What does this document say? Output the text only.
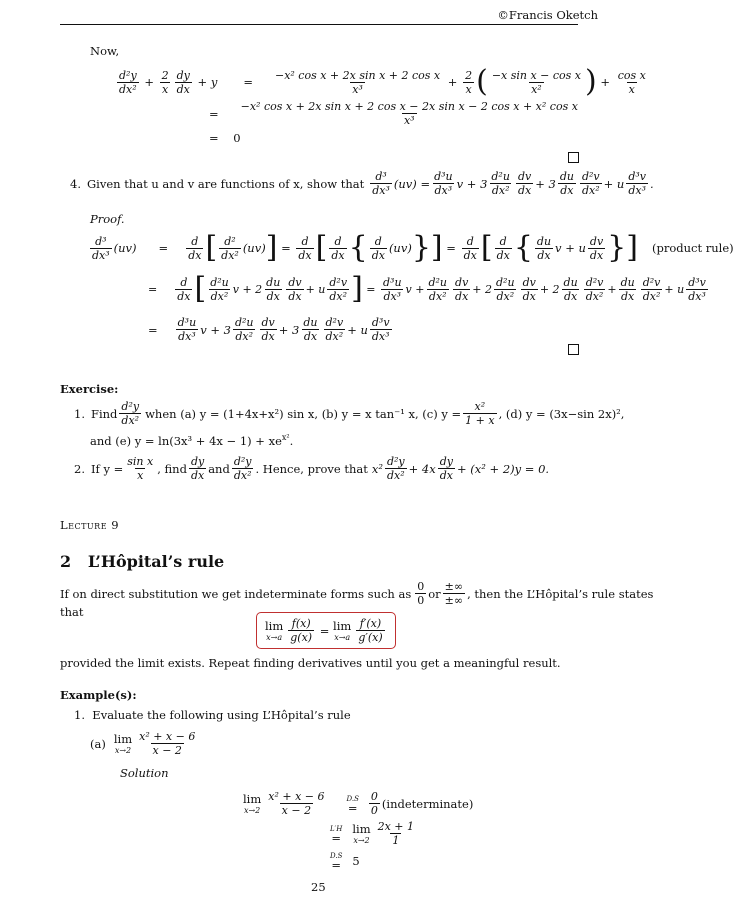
©Francis Oketch
Now,
$\frac{\text{d²y}}{\text{dx²}} + \frac{2}{x} \frac{dy}{dx} + y = \frac{\text{−x² cos x + 2x sin x + 2 cos x}}{\text{x³}} + \frac{2}{x}$ ( $\frac{\text{−x sin x − cos x}}{\text{x²}}$ ) + $\frac{\text{cos x}}{x}$
= −x² cos x + 2x sin x + 2 cos x − 2x sin x − 2 cos x + x² cos x
x³
= 0
4. Given that u and v are functions of x, show that $\frac{\text{d³}}{\text{dx³}} (uv) = \frac{\text{d³u}}{\text{dx³}}$ $v + 3 \frac{\text{d²u}}{\text{dx²}} \frac{dv}{dx} + 3 \frac{du}{dx} \frac{\text{d²v}}{\text{dx²}} + u \frac{\text{d³v}}{\text{dx³}}$ .
Proof.
$\frac{\text{d³}}{\text{dx³}} (uv) = \frac{d}{dx}$ [ $\frac{\text{d²}}{\text{dx²}} (uv)$ ] = $\frac{d}{dx}$ [ $\frac{d}{dx}$ { $\frac{d}{dx} (uv)$ } ] = $\frac{d}{dx}$ [ $\frac{d}{dx}$ { $\frac{du}{dx}$ v + u $\frac{dv}{dx}$ } ] (product rule)
= $\frac{d}{dx}$ [ $\frac{\text{d²u}}{\text{dx²}}$ $v + 2 \frac{du}{dx} \frac{dv}{dx} + u \frac{\text{d²v}}{\text{dx²}}$ ] = $\frac{\text{d³u}}{\text{dx³}}$ $v + \frac{\text{d²u}}{\text{dx²}} \frac{dv}{dx} + 2 \frac{\text{d²u}}{\text{dx²}} \frac{dv}{dx} + 2 \frac{du}{dx} \frac{\text{d²v}}{\text{dx²}} + \frac{du}{dx} \frac{\text{d²v}}{\text{dx²}} + u \frac{\text{d³v}}{\text{dx³}}$
= $\frac{\text{d³u}}{\text{dx³}}$ $v + 3 \frac{\text{d²u}}{\text{dx²}} \frac{dv}{dx} + 3 \frac{du}{dx} \frac{\text{d²v}}{\text{dx²}} + u \frac{\text{d³v}}{\text{dx³}}$
Exercise:
1. Find $\frac{\text{d²y}}{\text{dx²}}$ when (a) y = (1+4x+x²) sin x, (b) y = x tan⁻¹ x, (c) $y = \frac{\text{x²}}{1 + x}$ , (d) y = (3x−sin 2x)²,
and (e) $y = \ln(3x^3 + 4x - 1) + xe^{x^2}$.
2. If $y = \frac{\text{sin x}}{x}$ , find $\frac{dy}{dx}$ and $\frac{\text{d²y}}{\text{dx²}}$ . Hence, prove that $x^2 \frac{\text{d²y}}{\text{dx²}} + 4x \frac{dy}{dx} + (x^2 + 2)y = 0$.
Lecture 9
2 L’Hôpital’s rule
If on direct substitution we get indeterminate forms such as $\frac{0}{0}$ or $\frac{\pm\infty}{\pm\infty}$ , then the L’Hôpital’s rule states
that
lim
$x\to a \frac{f(x)}{g(x)} = \lim$
$x\to a \frac{f'(x)}{g'(x)}$
provided the limit exists. Repeat finding derivatives until you get a meaningful result.
Example(s):
1. Evaluate the following using L’Hôpital’s rule
(a) lim
$x\to 2 \frac{\text{x² + x − 6}}{x - 2}$
Solution
lim
$x\to 2 \frac{\text{x² + x − 6}}{x - 2}$	D.S
= $\frac{0}{0}$ (indeterminate)
L′H
=
lim
$x\to 2 \frac{2x + 1}{1}$
D.S
= 5
25
